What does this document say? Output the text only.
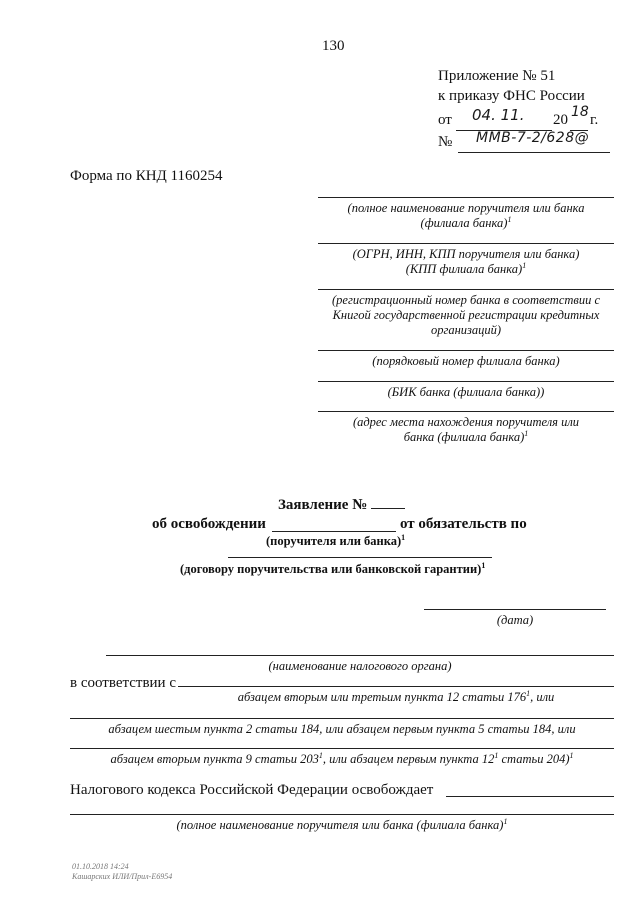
130
Приложение № 51
к приказу ФНС России
от 04. 11. 20 18 г.
№ ММВ-7-2/628@
Форма по КНД 1160254
(полное наименование поручителя или банка
(филиала банка)$^1$
(ОГРН, ИНН, КПП поручителя или банка)
(КПП филиала банка)$^1$
(регистрационный номер банка в соответствии с
Книгой государственной регистрации кредитных
организаций)
(порядковый номер филиала банка)
(БИК банка (филиала банка))
(адрес места нахождения поручителя или
банка (филиала банка)$^1$
Заявление №
об освобождении	от обязательств по
(поручителя или банка)$^1$
(договору поручительства или банковской гарантии)$^1$
(дата)
(наименование налогового органа)
в соответствии с
абзацем вторым или третьим пункта 12 статьи $176^1$, или
абзацем шестым пункта 2 статьи 184, или абзацем первым пункта 5 статьи 184, или
абзацем вторым пункта 9 статьи $203^1$, или абзацем первым пункта $12^1$ статьи 204)$^1$
Налогового кодекса Российской Федерации освобождает
(полное наименование поручителя или банка (филиала банка)$^1$
01.10.2018 14:24
Кашарских ИЛИ/Прил-Е6954
